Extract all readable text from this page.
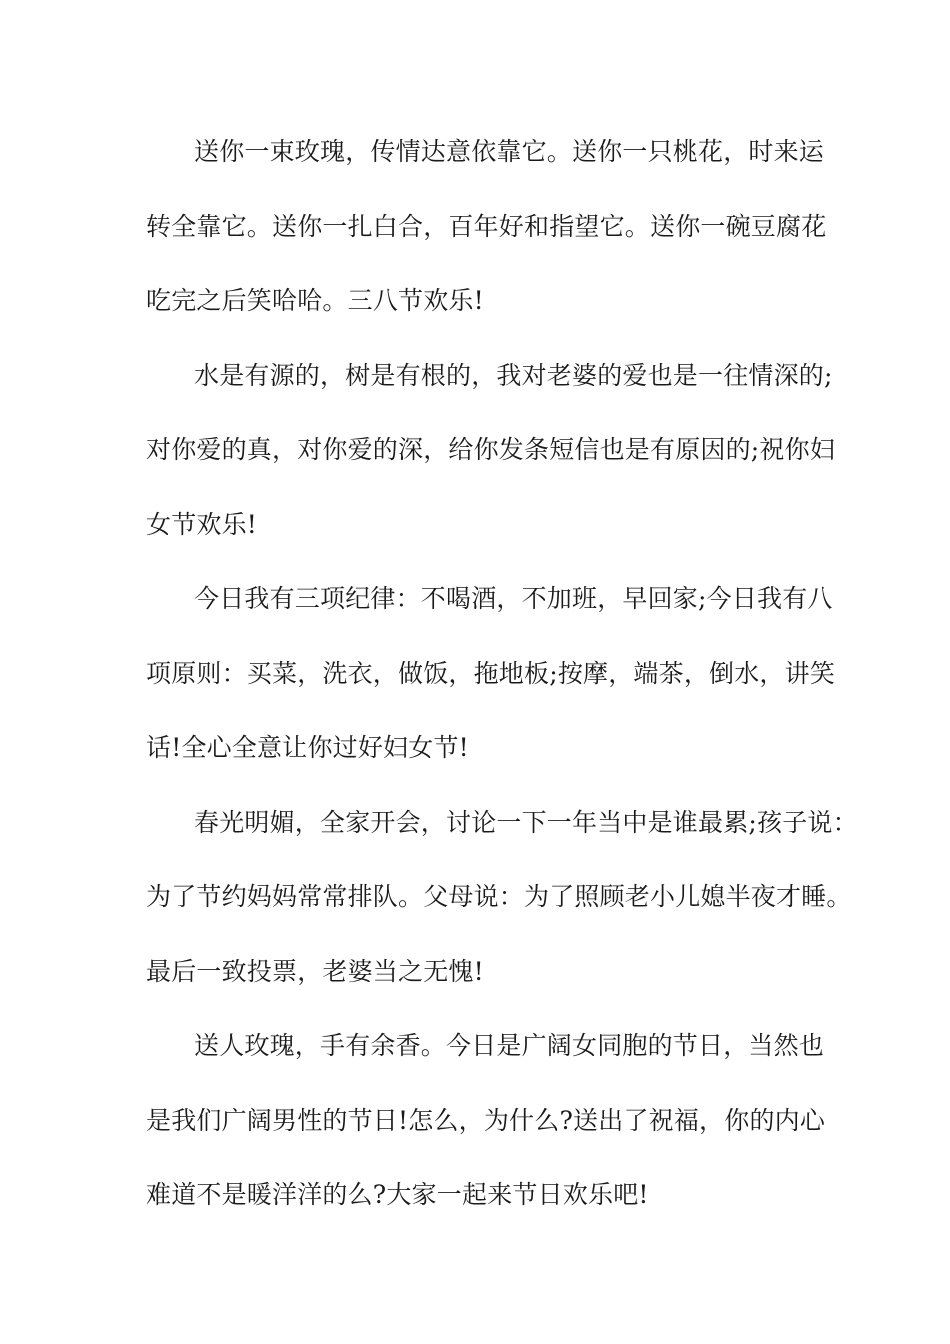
送你一束玫瑰，传情达意依靠它。送你一只桃花，时来运
转全靠它。送你一扎白合，百年好和指望它。送你一碗豆腐花
吃完之后笑哈哈。三八节欢乐!
水是有源的，树是有根的，我对老婆的爱也是一往情深的;
对你爱的真，对你爱的深，给你发条短信也是有原因的;祝你妇
女节欢乐!
今日我有三项纪律：不喝酒，不加班，早回家;今日我有八
项原则：买菜，洗衣，做饭，拖地板;按摩，端茶，倒水，讲笑
话!全心全意让你过好妇女节!
春光明媚，全家开会，讨论一下一年当中是谁最累;孩子说：
为了节约妈妈常常排队。父母说：为了照顾老小儿媳半夜才睡。
最后一致投票，老婆当之无愧!
送人玫瑰，手有余香。今日是广阔女同胞的节日，当然也
是我们广阔男性的节日!怎么，为什么?送出了祝福，你的内心
难道不是暖洋洋的么?大家一起来节日欢乐吧!
